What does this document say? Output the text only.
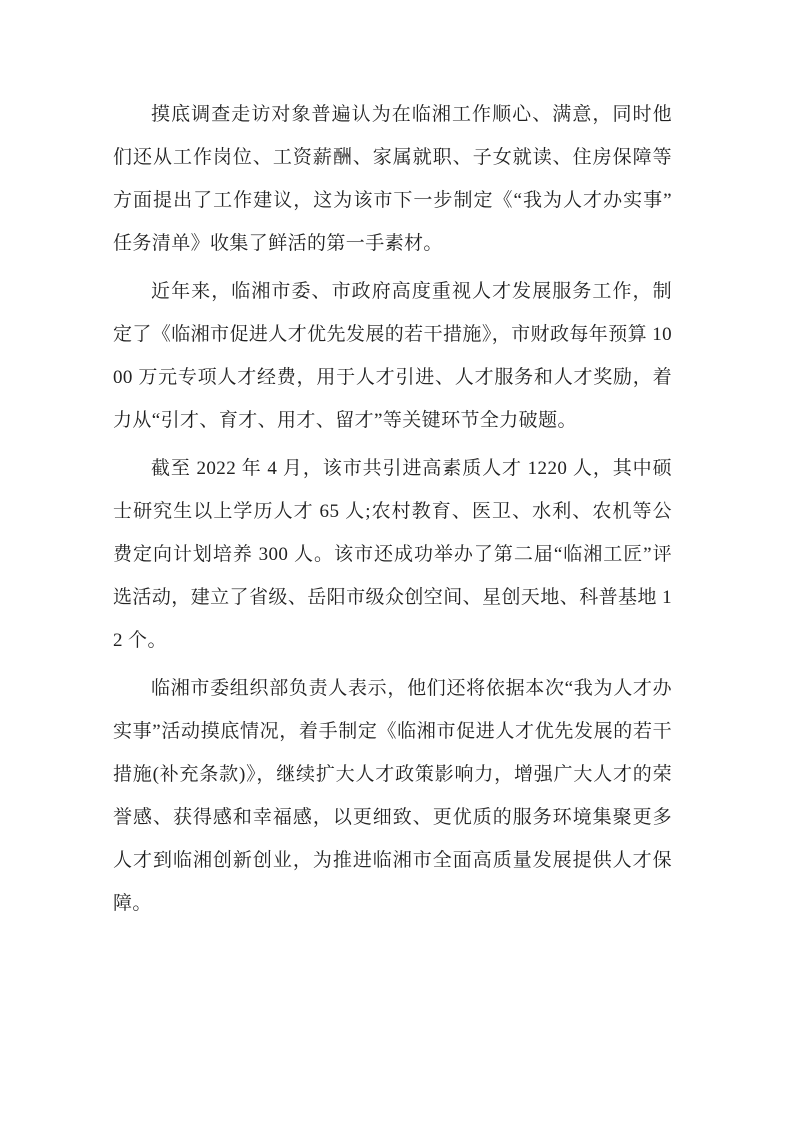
摸底调查走访对象普遍认为在临湘工作顺心、满意，同时他们还从工作岗位、工资薪酬、家属就职、子女就读、住房保障等方面提出了工作建议，这为该市下一步制定《“我为人才办实事”任务清单》收集了鲜活的第一手素材。

近年来，临湘市委、市政府高度重视人才发展服务工作，制定了《临湘市促进人才优先发展的若干措施》，市财政每年预算 1000 万元专项人才经费，用于人才引进、人才服务和人才奖励，着力从“引才、育才、用才、留才”等关键环节全力破题。

截至 2022 年 4 月，该市共引进高素质人才 1220 人，其中硕士研究生以上学历人才 65 人;农村教育、医卫、水利、农机等公费定向计划培养 300 人。该市还成功举办了第二届“临湘工匠”评选活动，建立了省级、岳阳市级众创空间、星创天地、科普基地 12 个。

临湘市委组织部负责人表示，他们还将依据本次“我为人才办实事”活动摸底情况，着手制定《临湘市促进人才优先发展的若干措施(补充条款)》，继续扩大人才政策影响力，增强广大人才的荣誉感、获得感和幸福感，以更细致、更优质的服务环境集聚更多人才到临湘创新创业，为推进临湘市全面高质量发展提供人才保障。
